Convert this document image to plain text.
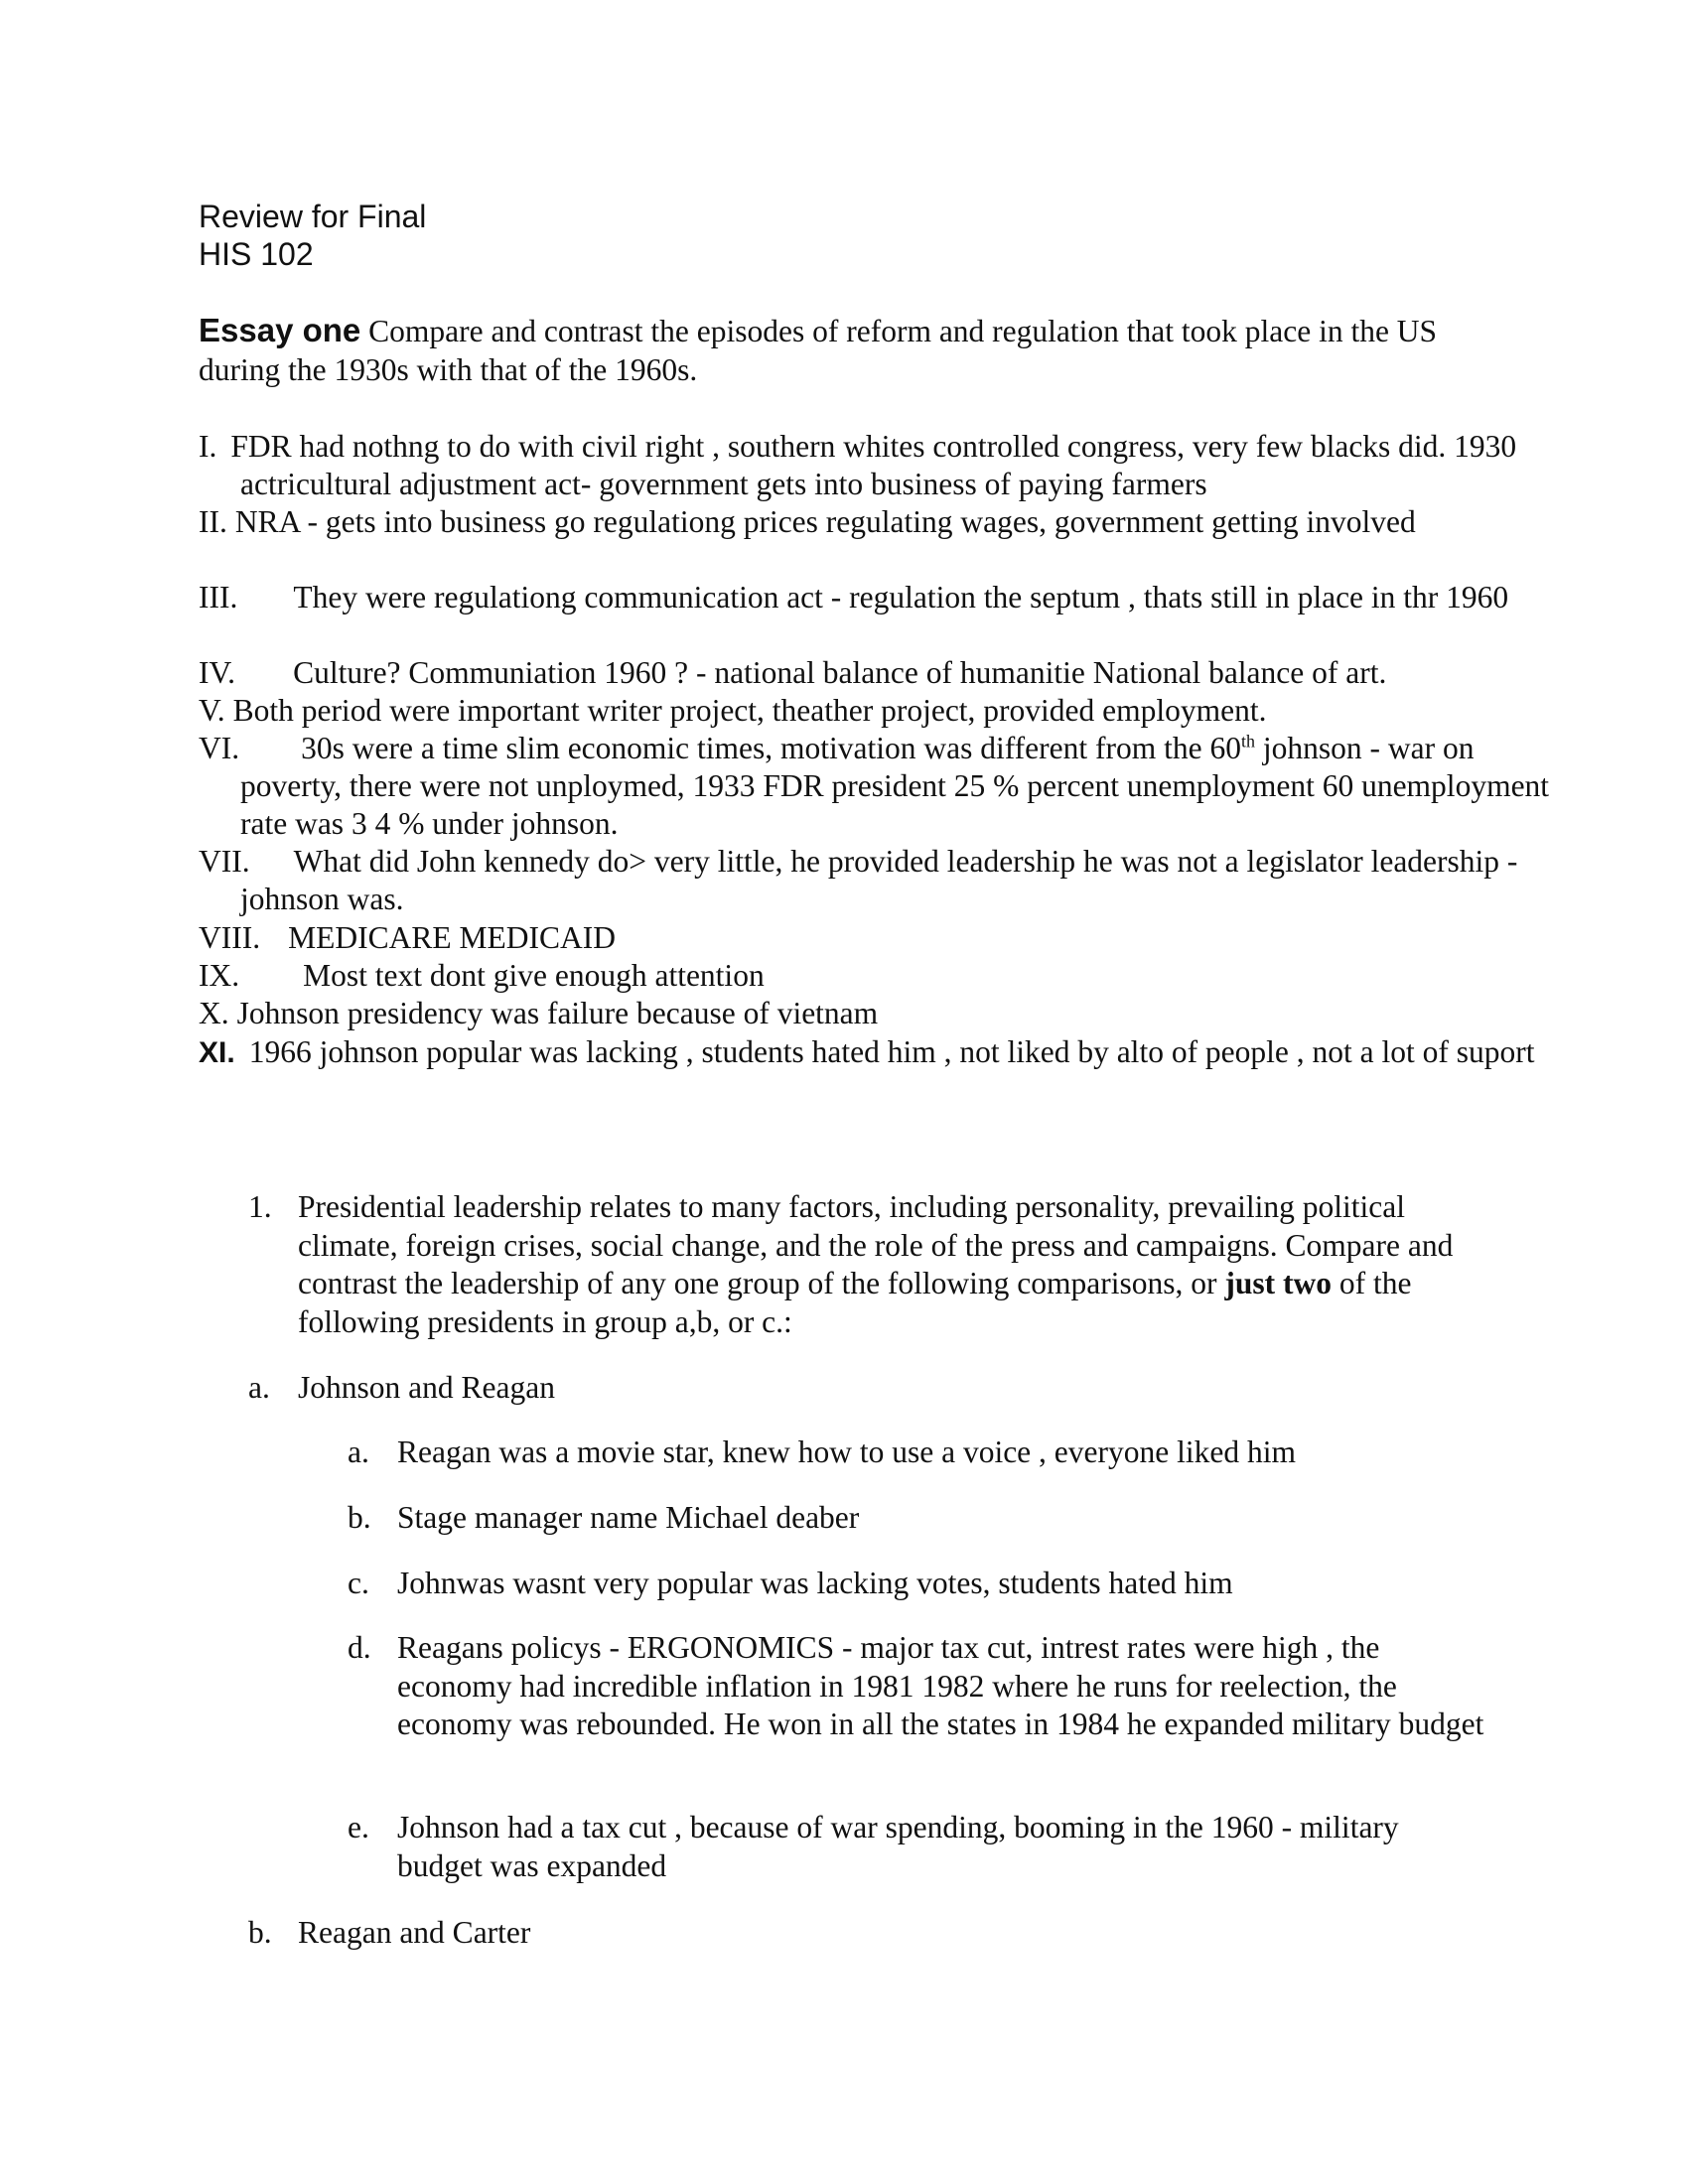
Review for Final
HIS 102
Essay one Compare and contrast the episodes of reform and regulation that took place in the US during the 1930s with that of the 1960s.
I. FDR had nothng to do with civil right , southern whites controlled congress, very few blacks did. 1930 actricultural adjustment act- government gets into business of paying farmers
II. NRA - gets into business go regulationg prices regulating wages, government getting involved
III. They were regulationg communication act - regulation the septum , thats still in place in thr 1960
IV. Culture? Communiation 1960 ? - national balance of humanitie National balance of art.
V. Both period were important writer project, theather project, provided employment.
VI. 30s were a time slim economic times, motivation was different from the 60th johnson - war on poverty, there were not unploymed, 1933 FDR president 25 % percent unemployment 60 unemployment rate was 3 4 % under johnson.
VII. What did John kennedy do> very little, he provided leadership he was not a legislator leadership - johnson was.
VIII. MEDICARE MEDICAID
IX. Most text dont give enough attention
X. Johnson presidency was failure because of vietnam
XI. 1966 johnson popular was lacking , students hated him , not liked by alto of people , not a lot of suport
1. Presidential leadership relates to many factors, including personality, prevailing political climate, foreign crises, social change, and the role of the press and campaigns. Compare and contrast the leadership of any one group of the following comparisons, or just two of the following presidents in group a,b, or c.:
a. Johnson and Reagan
a. Reagan was a movie star, knew how to use a voice , everyone liked him
b. Stage manager name Michael deaber
c. Johnwas wasnt very popular was lacking votes, students hated him
d. Reagans policys - ERGONOMICS - major tax cut, intrest rates were high , the economy had incredible inflation in 1981 1982 where he runs for reelection, the economy was rebounded. He won in all the states in 1984 he expanded military budget
e. Johnson had a tax cut , because of war spending, booming in the 1960 - military budget was expanded
b. Reagan and Carter
